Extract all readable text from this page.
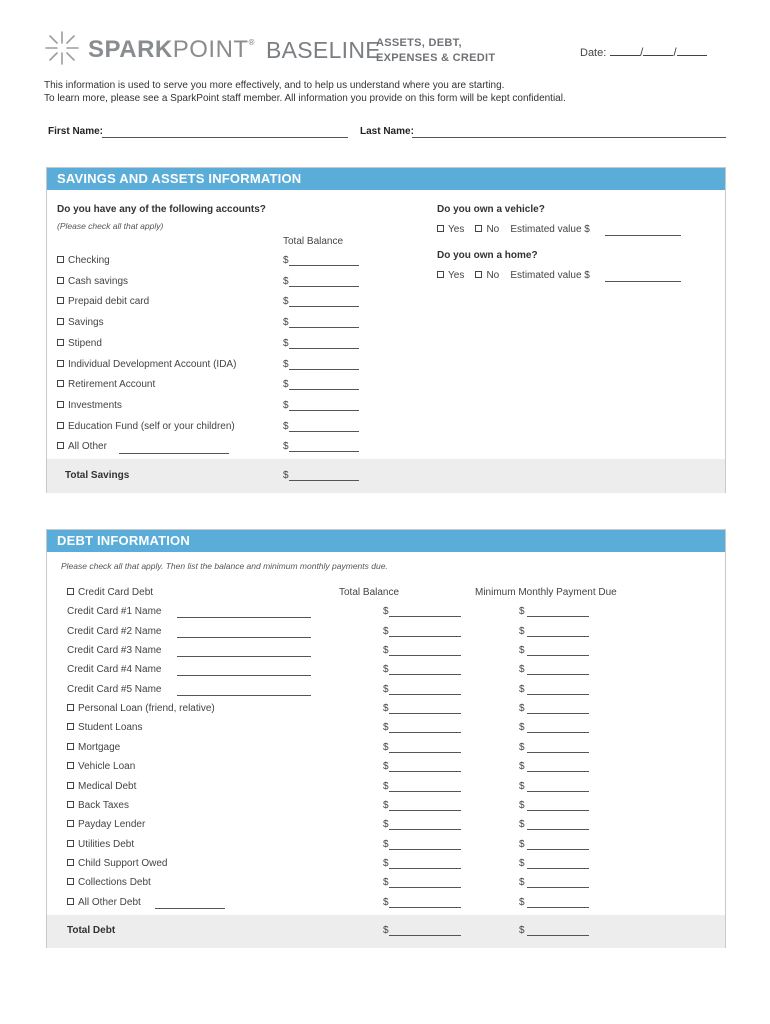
SPARKPOINT® BASELINE
ASSETS, DEBT,
EXPENSES & CREDIT	Date:	/	/
This information is used to serve you more effectively, and to help us understand where you are starting.
To learn more, please see a SparkPoint staff member. All information you provide on this form will be kept confidential.
First Name:	Last Name:
SAVINGS AND ASSETS INFORMATION
Do you have any of the following accounts?
(Please check all that apply)
Total Balance
Checking	$
Cash savings	$
Prepaid debit card	$
Savings	$
Stipend	$
Individual Development Account (IDA)	$
Retirement Account	$
Investments	$
Education Fund (self or your children)	$
All Other	$
Total Savings	$
Do you own a vehicle?
Yes No Estimated value $
Do you own a home?
Yes No Estimated value $
DEBT INFORMATION
Please check all that apply. Then list the balance and minimum monthly payments due.
Total Balance	Minimum Monthly Payment Due
Credit Card Debt
Credit Card #1 Name	$	$
Credit Card #2 Name	$	$
Credit Card #3 Name	$	$
Credit Card #4 Name	$	$
Credit Card #5 Name	$	$
Personal Loan (friend, relative)	$	$
Student Loans	$	$
Mortgage	$	$
Vehicle Loan	$	$
Medical Debt	$	$
Back Taxes	$	$
Payday Lender	$	$
Utilities Debt	$	$
Child Support Owed	$	$
Collections Debt	$	$
All Other Debt	$	$
Total Debt	$	$
